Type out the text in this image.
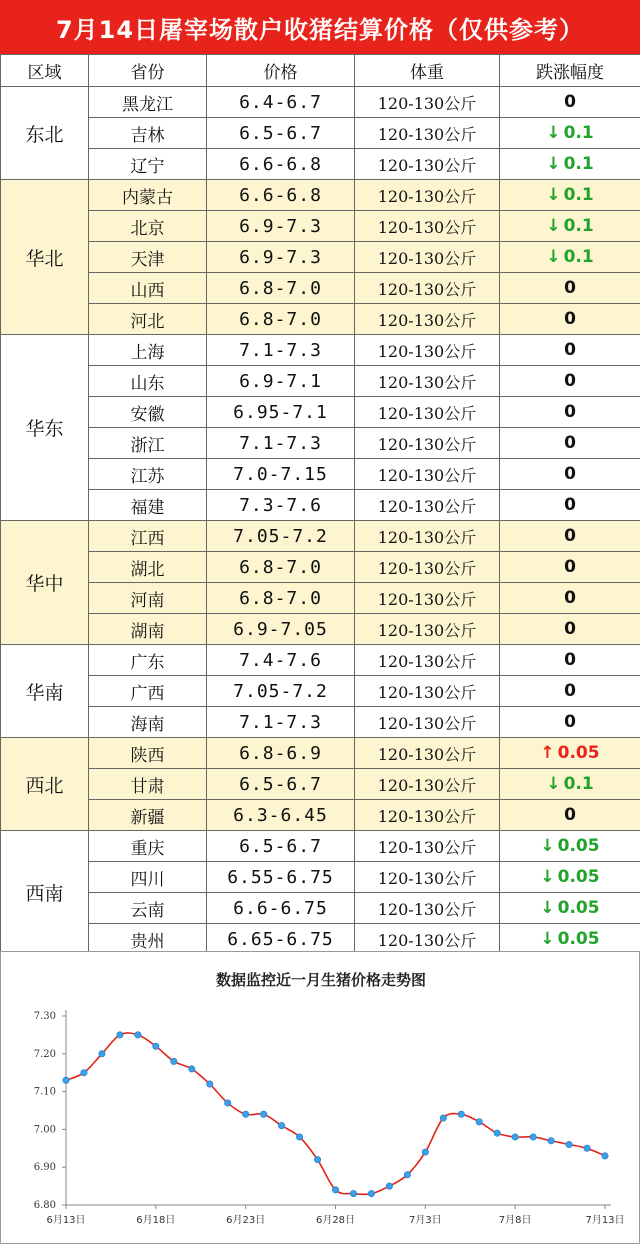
7月14日屠宰场散户收猪结算价格（仅供参考）
区域	省份	价格	体重	跌涨幅度
东北	黑龙江	6.4-6.7	120-130公斤	0
	吉林	6.5-6.7	120-130公斤	↓ 0.1
	辽宁	6.6-6.8	120-130公斤	↓ 0.1
华北	内蒙古	6.6-6.8	120-130公斤	↓ 0.1
	北京	6.9-7.3	120-130公斤	↓ 0.1
	天津	6.9-7.3	120-130公斤	↓ 0.1
	山西	6.8-7.0	120-130公斤	0
	河北	6.8-7.0	120-130公斤	0
华东	上海	7.1-7.3	120-130公斤	0
	山东	6.9-7.1	120-130公斤	0
	安徽	6.95-7.1	120-130公斤	0
	浙江	7.1-7.3	120-130公斤	0
	江苏	7.0-7.15	120-130公斤	0
	福建	7.3-7.6	120-130公斤	0
华中	江西	7.05-7.2	120-130公斤	0
	湖北	6.8-7.0	120-130公斤	0
	河南	6.8-7.0	120-130公斤	0
	湖南	6.9-7.05	120-130公斤	0
华南	广东	7.4-7.6	120-130公斤	0
	广西	7.05-7.2	120-130公斤	0
	海南	7.1-7.3	120-130公斤	0
西北	陕西	6.8-6.9	120-130公斤	↑ 0.05
	甘肃	6.5-6.7	120-130公斤	↓ 0.1
	新疆	6.3-6.45	120-130公斤	0
西南	重庆	6.5-6.7	120-130公斤	↓ 0.05
	四川	6.55-6.75	120-130公斤	↓ 0.05
	云南	6.6-6.75	120-130公斤	↓ 0.05
	贵州	6.65-6.75	120-130公斤	↓ 0.05
数据监控近一月生猪价格走势图
6.80
6.90
7.00
7.10
7.20
7.30
6月13日	6月18日	6月23日	6月28日	7月3日	7月8日	7月13日
